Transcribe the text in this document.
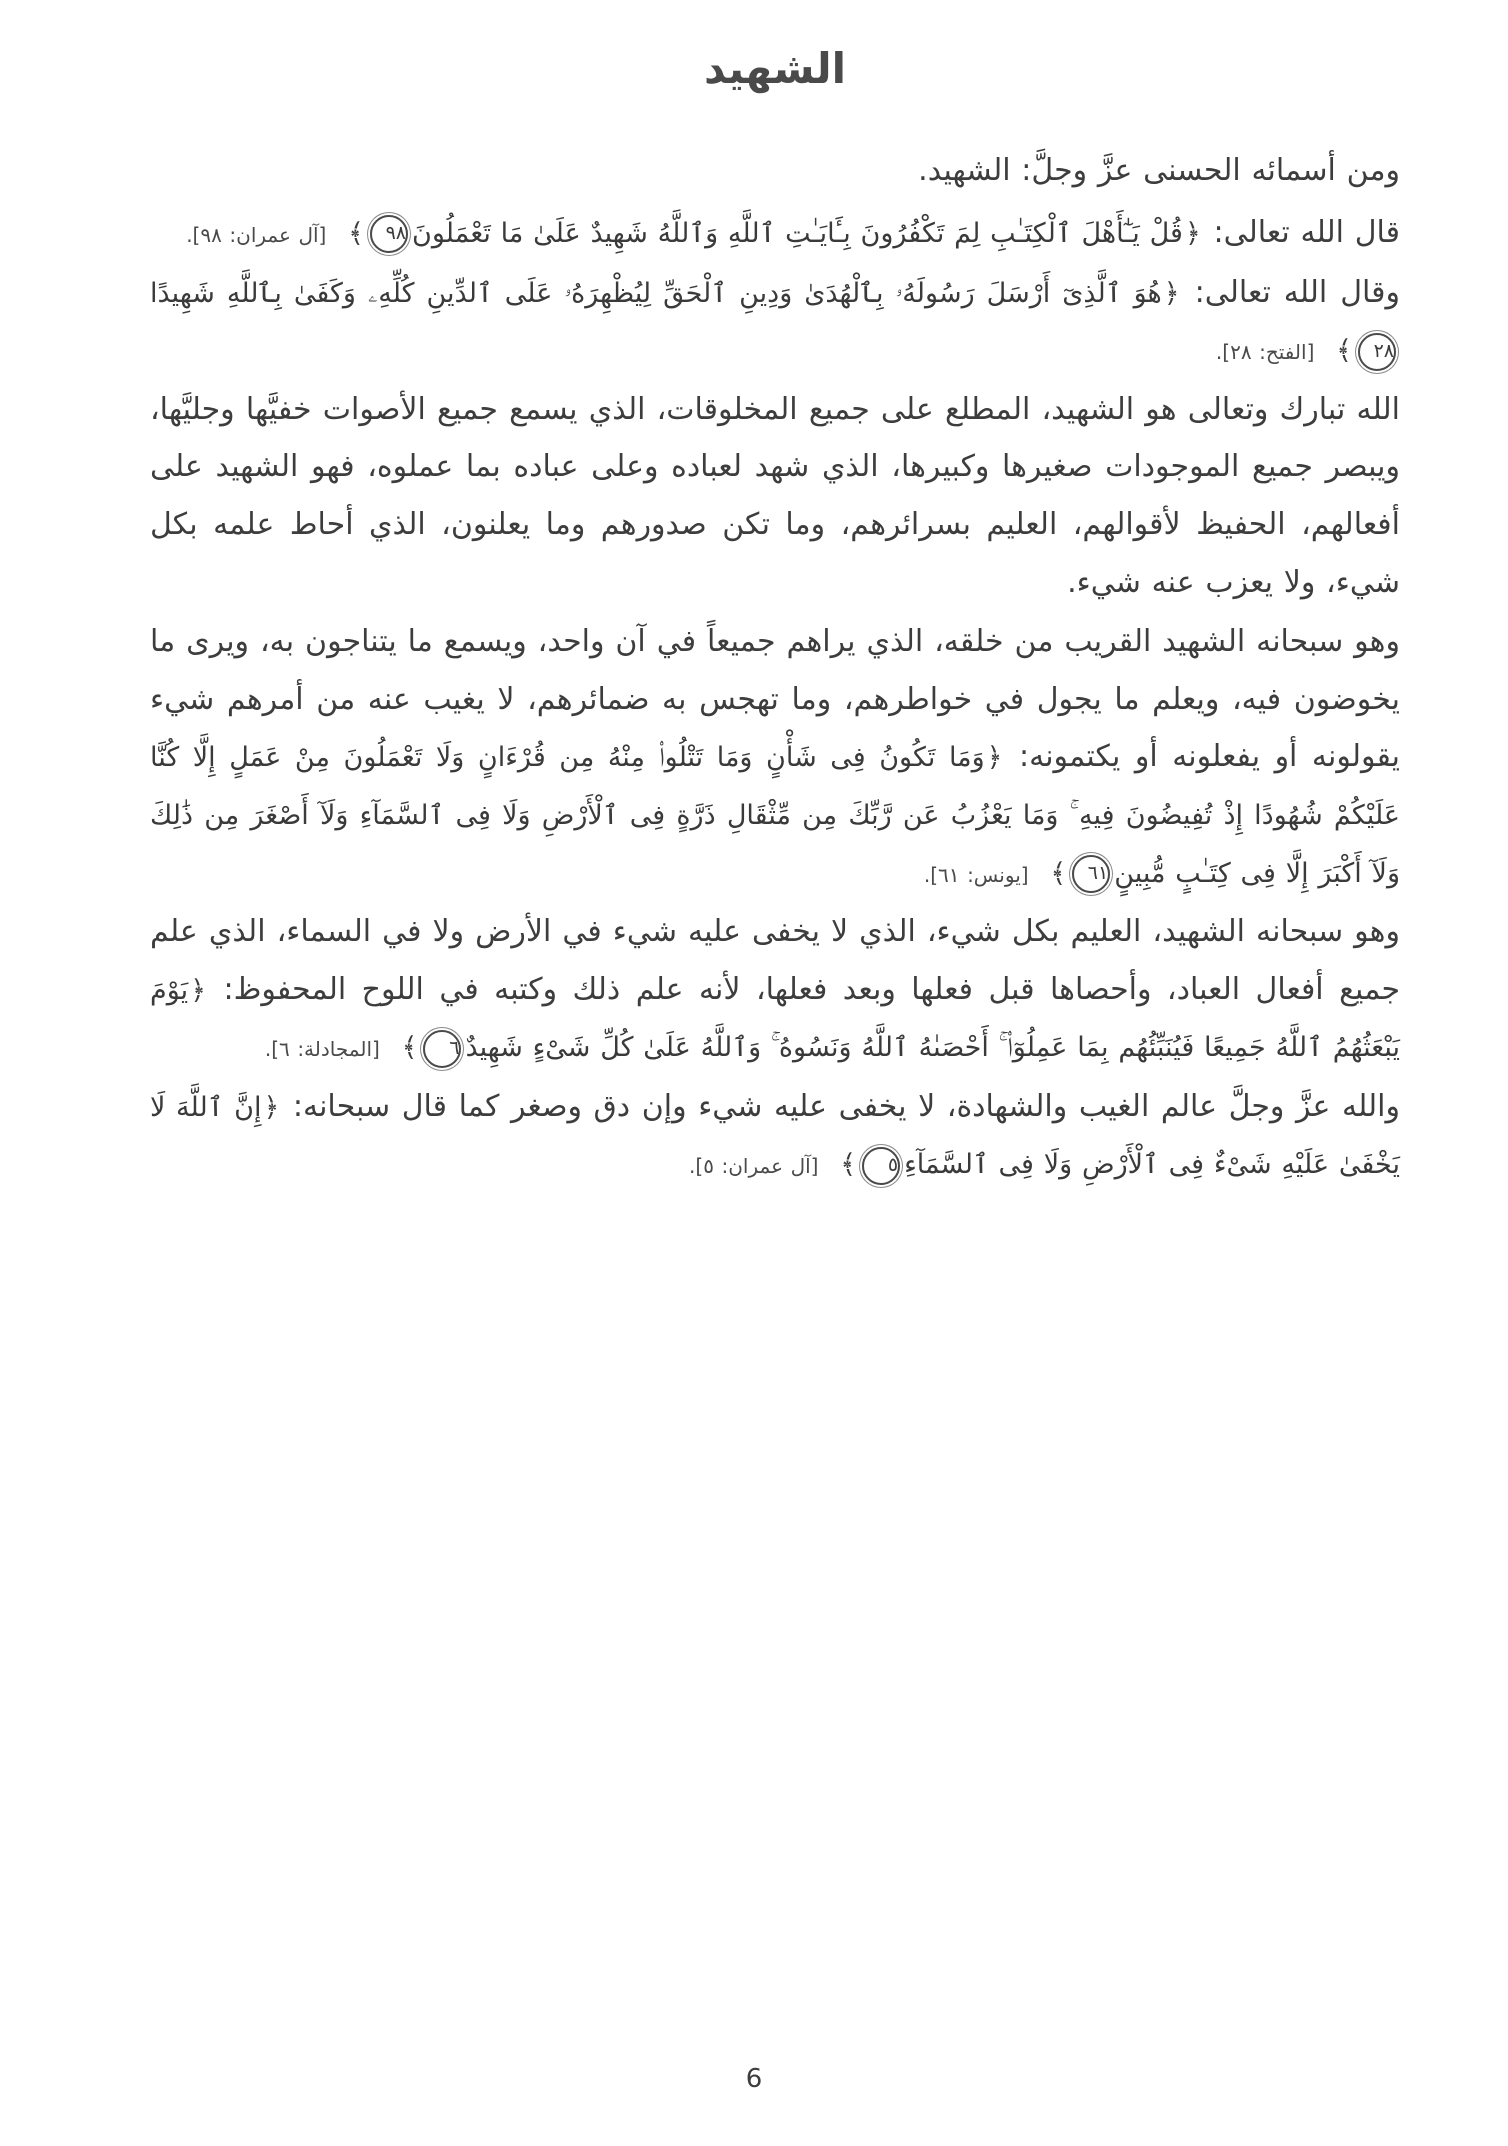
الشهيد

ومن أسمائه الحسنى عزَّ وجلَّ: الشهيد.

قال الله تعالى: ﴿قُلْ يَـٰٓأَهْلَ ٱلْكِتَـٰبِ لِمَ تَكْفُرُونَ بِـَٔايَـٰتِ ٱللَّهِ وَٱللَّهُ شَهِيدٌ عَلَىٰ مَا تَعْمَلُونَ٩٨﴾ [آل عمران: ٩٨].

وقال الله تعالى: ﴿هُوَ ٱلَّذِىٓ أَرْسَلَ رَسُولَهُۥ بِٱلْهُدَىٰ وَدِينِ ٱلْحَقِّ لِيُظْهِرَهُۥ عَلَى ٱلدِّينِ كُلِّهِۦ وَكَفَىٰ بِٱللَّهِ شَهِيدًا٢٨﴾ [الفتح: ٢٨].

الله تبارك وتعالى هو الشهيد، المطلع على جميع المخلوقات، الذي يسمع جميع الأصوات خفيَّها وجليَّها، ويبصر جميع الموجودات صغيرها وكبيرها، الذي شهد لعباده وعلى عباده بما عملوه، فهو الشهيد على أفعالهم، الحفيظ لأقوالهم، العليم بسرائرهم، وما تكن صدورهم وما يعلنون، الذي أحاط علمه بكل شيء، ولا يعزب عنه شيء.

وهو سبحانه الشهيد القريب من خلقه، الذي يراهم جميعاً في آن واحد، ويسمع ما يتناجون به، ويرى ما يخوضون فيه، ويعلم ما يجول في خواطرهم، وما تهجس به ضمائرهم، لا يغيب عنه من أمرهم شيء يقولونه أو يفعلونه أو يكتمونه: ﴿وَمَا تَكُونُ فِى شَأْنٍ وَمَا تَتْلُوا۟ مِنْهُ مِن قُرْءَانٍ وَلَا تَعْمَلُونَ مِنْ عَمَلٍ إِلَّا كُنَّا عَلَيْكُمْ شُهُودًا إِذْ تُفِيضُونَ فِيهِ ۚ وَمَا يَعْزُبُ عَن رَّبِّكَ مِن مِّثْقَالِ ذَرَّةٍ فِى ٱلْأَرْضِ وَلَا فِى ٱلسَّمَآءِ وَلَآ أَصْغَرَ مِن ذَٰلِكَ وَلَآ أَكْبَرَ إِلَّا فِى كِتَـٰبٍ مُّبِينٍ٦١﴾ [يونس: ٦١].

وهو سبحانه الشهيد، العليم بكل شيء، الذي لا يخفى عليه شيء في الأرض ولا في السماء، الذي علم جميع أفعال العباد، وأحصاها قبل فعلها وبعد فعلها، لأنه علم ذلك وكتبه في اللوح المحفوظ: ﴿يَوْمَ يَبْعَثُهُمُ ٱللَّهُ جَمِيعًا فَيُنَبِّئُهُم بِمَا عَمِلُوٓا۟ ۚ أَحْصَىٰهُ ٱللَّهُ وَنَسُوهُ ۚ وَٱللَّهُ عَلَىٰ كُلِّ شَىْءٍ شَهِيدٌ٦﴾ [المجادلة: ٦].

والله عزَّ وجلَّ عالم الغيب والشهادة، لا يخفى عليه شيء وإن دق وصغر كما قال سبحانه: ﴿إِنَّ ٱللَّهَ لَا يَخْفَىٰ عَلَيْهِ شَىْءٌ فِى ٱلْأَرْضِ وَلَا فِى ٱلسَّمَآءِ٥﴾ [آل عمران: ٥].

6
